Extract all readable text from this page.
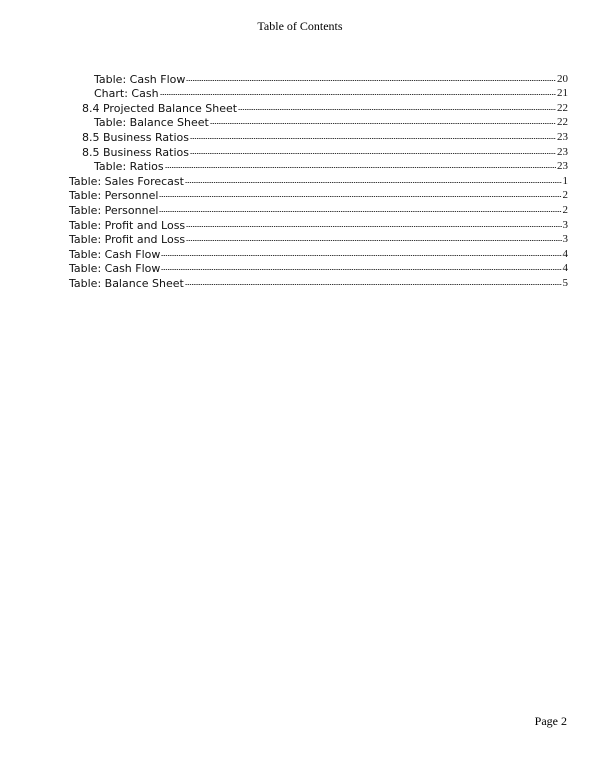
Table of Contents
Table: Cash Flow	20
Chart: Cash	21
8.4 Projected Balance Sheet	22
Table: Balance Sheet	22
8.5 Business Ratios	23
8.5 Business Ratios	23
Table: Ratios	23
Table: Sales Forecast	1
Table: Personnel	2
Table: Personnel	2
Table: Profit and Loss	3
Table: Profit and Loss	3
Table: Cash Flow	4
Table: Cash Flow	4
Table: Balance Sheet	5
Page 2
